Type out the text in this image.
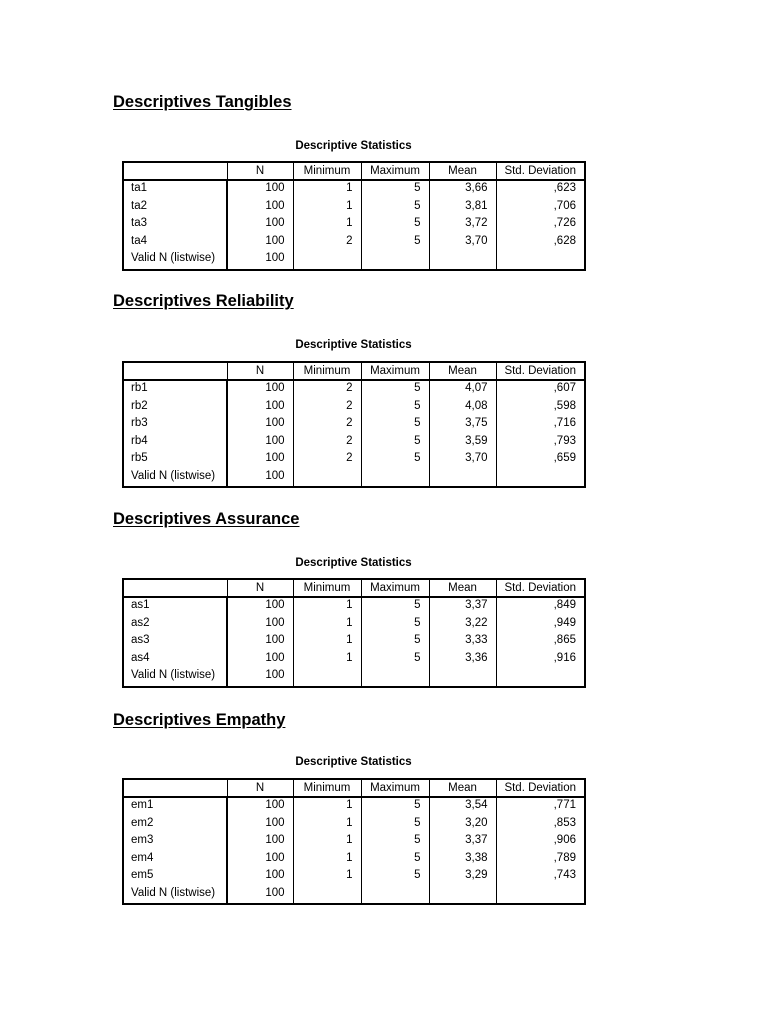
Descriptives Tangibles
Descriptive Statistics
	N	Minimum	Maximum	Mean	Std. Deviation
ta1	100	1	5	3,66	,623
ta2	100	1	5	3,81	,706
ta3	100	1	5	3,72	,726
ta4	100	2	5	3,70	,628
Valid N (listwise)	100				
Descriptives Reliability
Descriptive Statistics
	N	Minimum	Maximum	Mean	Std. Deviation
rb1	100	2	5	4,07	,607
rb2	100	2	5	4,08	,598
rb3	100	2	5	3,75	,716
rb4	100	2	5	3,59	,793
rb5	100	2	5	3,70	,659
Valid N (listwise)	100				
Descriptives Assurance
Descriptive Statistics
	N	Minimum	Maximum	Mean	Std. Deviation
as1	100	1	5	3,37	,849
as2	100	1	5	3,22	,949
as3	100	1	5	3,33	,865
as4	100	1	5	3,36	,916
Valid N (listwise)	100				
Descriptives Empathy
Descriptive Statistics
	N	Minimum	Maximum	Mean	Std. Deviation
em1	100	1	5	3,54	,771
em2	100	1	5	3,20	,853
em3	100	1	5	3,37	,906
em4	100	1	5	3,38	,789
em5	100	1	5	3,29	,743
Valid N (listwise)	100				
